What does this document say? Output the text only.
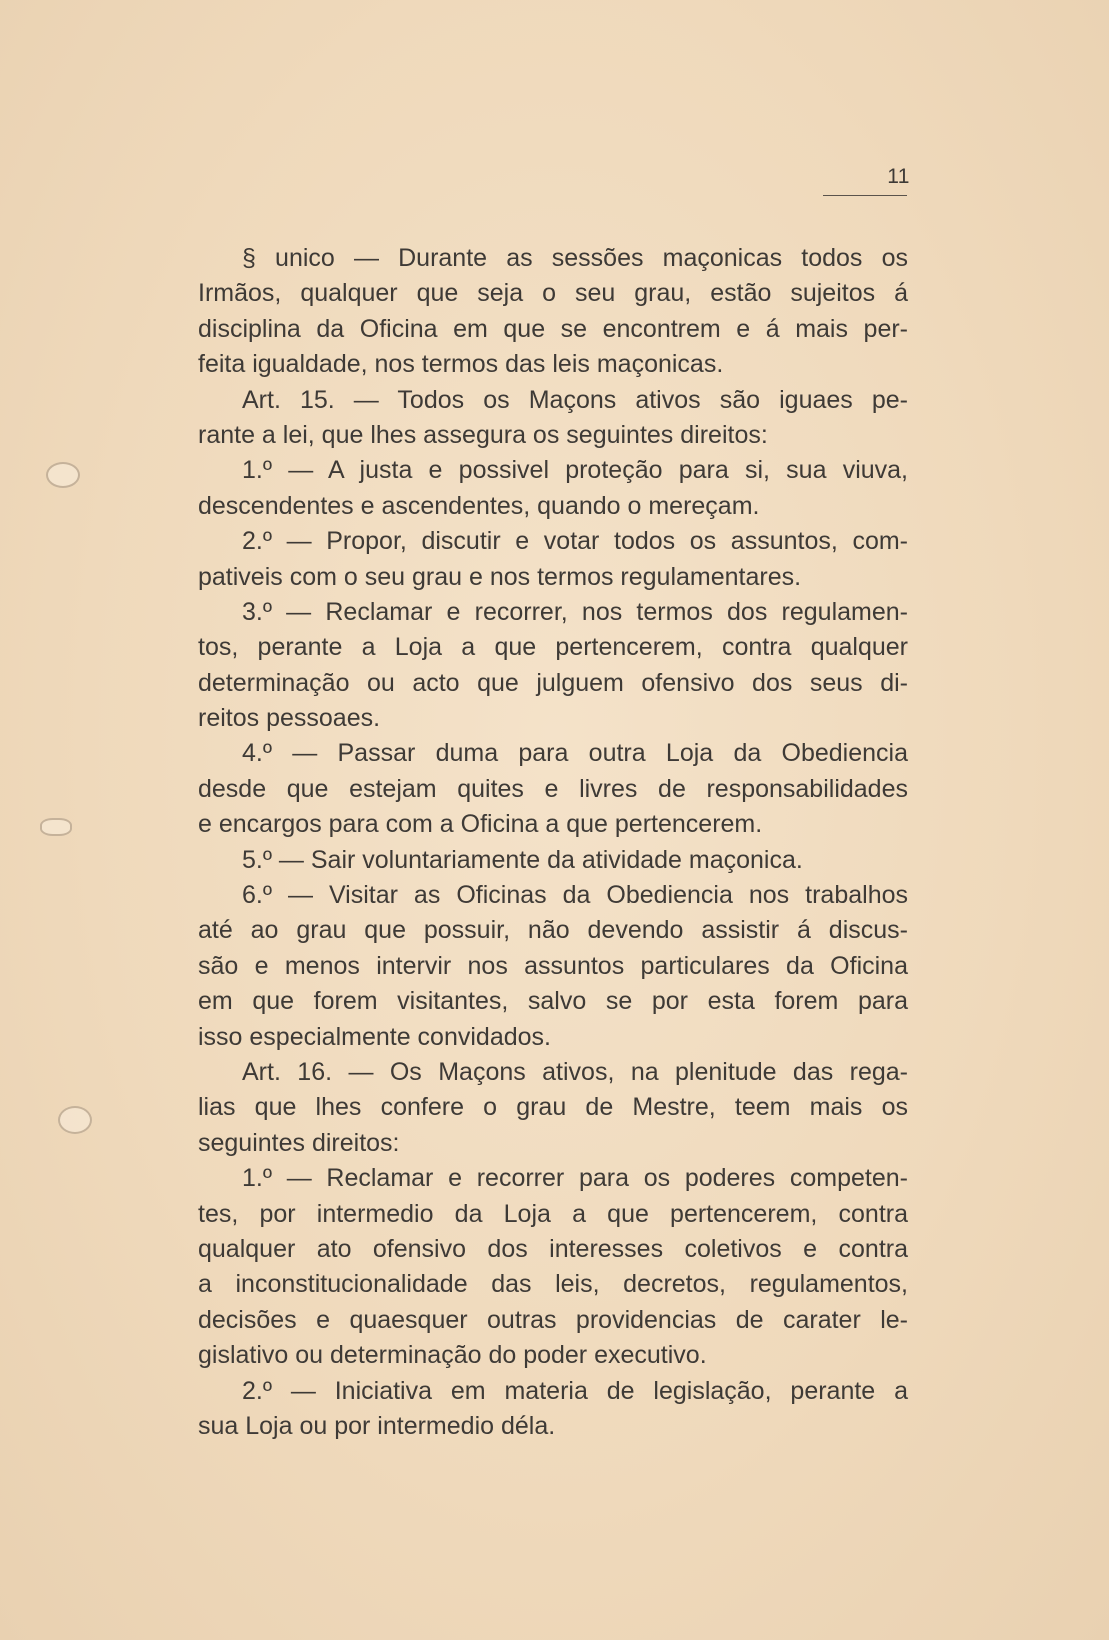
11
§ unico — Durante as sessões maçonicas todos os
Irmãos, qualquer que seja o seu grau, estão sujeitos á
disciplina da Oficina em que se encontrem e á mais per-
feita igualdade, nos termos das leis maçonicas.
Art. 15. — Todos os Maçons ativos são iguaes pe-
rante a lei, que lhes assegura os seguintes direitos:
1.º — A justa e possivel proteção para si, sua viuva,
descendentes e ascendentes, quando o mereçam.
2.º — Propor, discutir e votar todos os assuntos, com-
pativeis com o seu grau e nos termos regulamentares.
3.º — Reclamar e recorrer, nos termos dos regulamen-
tos, perante a Loja a que pertencerem, contra qualquer
determinação ou acto que julguem ofensivo dos seus di-
reitos pessoaes.
4.º — Passar duma para outra Loja da Obediencia
desde que estejam quites e livres de responsabilidades
e encargos para com a Oficina a que pertencerem.
5.º — Sair voluntariamente da atividade maçonica.
6.º — Visitar as Oficinas da Obediencia nos trabalhos
até ao grau que possuir, não devendo assistir á discus-
são e menos intervir nos assuntos particulares da Oficina
em que forem visitantes, salvo se por esta forem para
isso especialmente convidados.
Art. 16. — Os Maçons ativos, na plenitude das rega-
lias que lhes confere o grau de Mestre, teem mais os
seguintes direitos:
1.º — Reclamar e recorrer para os poderes competen-
tes, por intermedio da Loja a que pertencerem, contra
qualquer ato ofensivo dos interesses coletivos e contra
a inconstitucionalidade das leis, decretos, regulamentos,
decisões e quaesquer outras providencias de carater le-
gislativo ou determinação do poder executivo.
2.º — Iniciativa em materia de legislação, perante a
sua Loja ou por intermedio déla.
